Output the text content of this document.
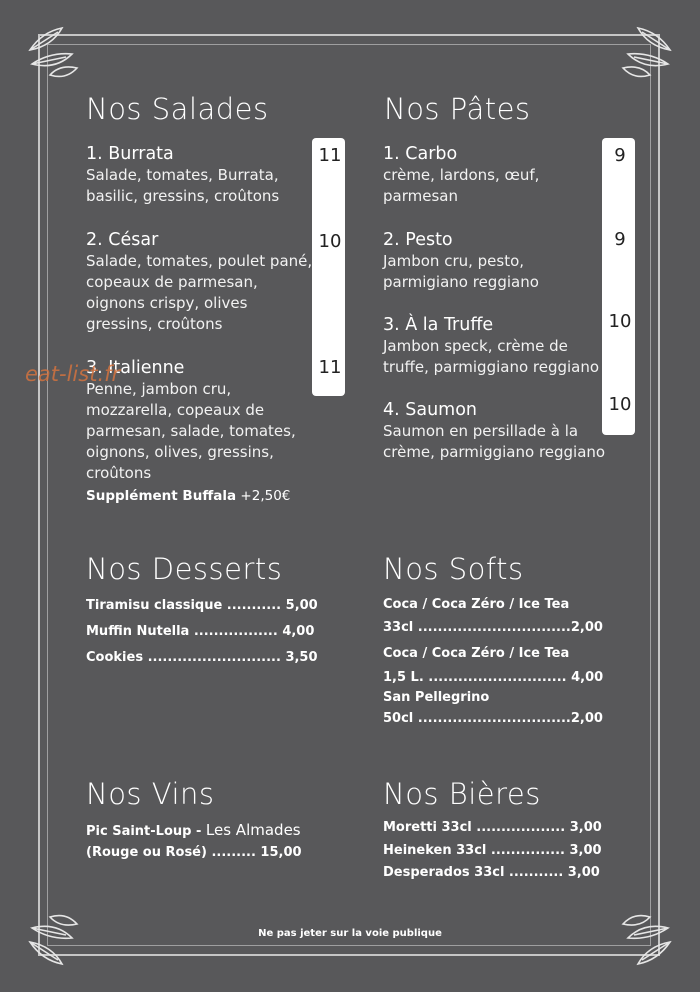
Nos Salades
1. Burrata
Salade, tomates, Burrata,
basilic, gressins, croûtons
11
2. César
Salade, tomates, poulet pané,
copeaux de parmesan,
oignons crispy, olives
gressins, croûtons
10
3. Italienne
Penne, jambon cru,
mozzarella, copeaux de
parmesan, salade, tomates,
oignons, olives, gressins,
croûtons
11
Supplément Buffala +2,50€
Nos Pâtes
1. Carbo
crème, lardons, œuf,
parmesan
9
2. Pesto
Jambon cru, pesto,
parmigiano reggiano
9
3. À la Truffe
Jambon speck, crème de
truffe, parmiggiano reggiano
10
4. Saumon
Saumon en persillade à la
crème, parmiggiano reggiano
10
Nos Desserts
Tiramisu classique ........... 5,00
Muffin Nutella ................. 4,00
Cookies ........................... 3,50
Nos Softs
Coca / Coca Zéro / Ice Tea
33cl ...............................2,00
Coca / Coca Zéro / Ice Tea
1,5 L. ............................ 4,00
San Pellegrino
50cl ...............................2,00
Nos Vins
Pic Saint-Loup - Les Almades
(Rouge ou Rosé) ......... 15,00
Nos Bières
Moretti 33cl .................. 3,00
Heineken 33cl ............... 3,00
Desperados 33cl ........... 3,00
eat-list.fr
Ne pas jeter sur la voie publique
